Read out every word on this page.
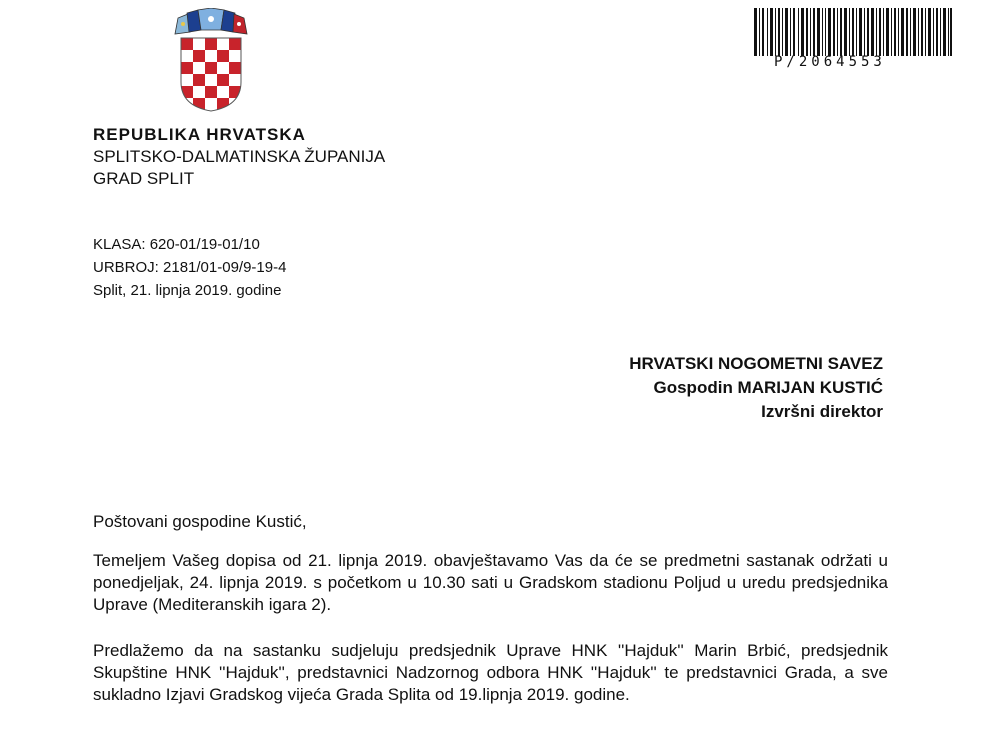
P/2064553
REPUBLIKA HRVATSKA
SPLITSKO-DALMATINSKA ŽUPANIJA
GRAD SPLIT
KLASA: 620-01/19-01/10
URBROJ: 2181/01-09/9-19-4
Split, 21. lipnja 2019. godine
HRVATSKI NOGOMETNI SAVEZ
Gospodin MARIJAN KUSTIĆ
Izvršni direktor
Poštovani gospodine Kustić,
Temeljem Vašeg dopisa od 21. lipnja 2019. obavještavamo Vas da će se predmetni sastanak održati u ponedjeljak, 24. lipnja 2019. s početkom u 10.30 sati u Gradskom stadionu Poljud u uredu predsjednika Uprave (Mediteranskih igara 2).
Predlažemo da na sastanku sudjeluju predsjednik Uprave HNK ''Hajduk'' Marin Brbić, predsjednik Skupštine HNK ''Hajduk'', predstavnici Nadzornog odbora HNK ''Hajduk'' te predstavnici Grada, a sve sukladno Izjavi Gradskog vijeća Grada Splita od 19.lipnja 2019. godine.
